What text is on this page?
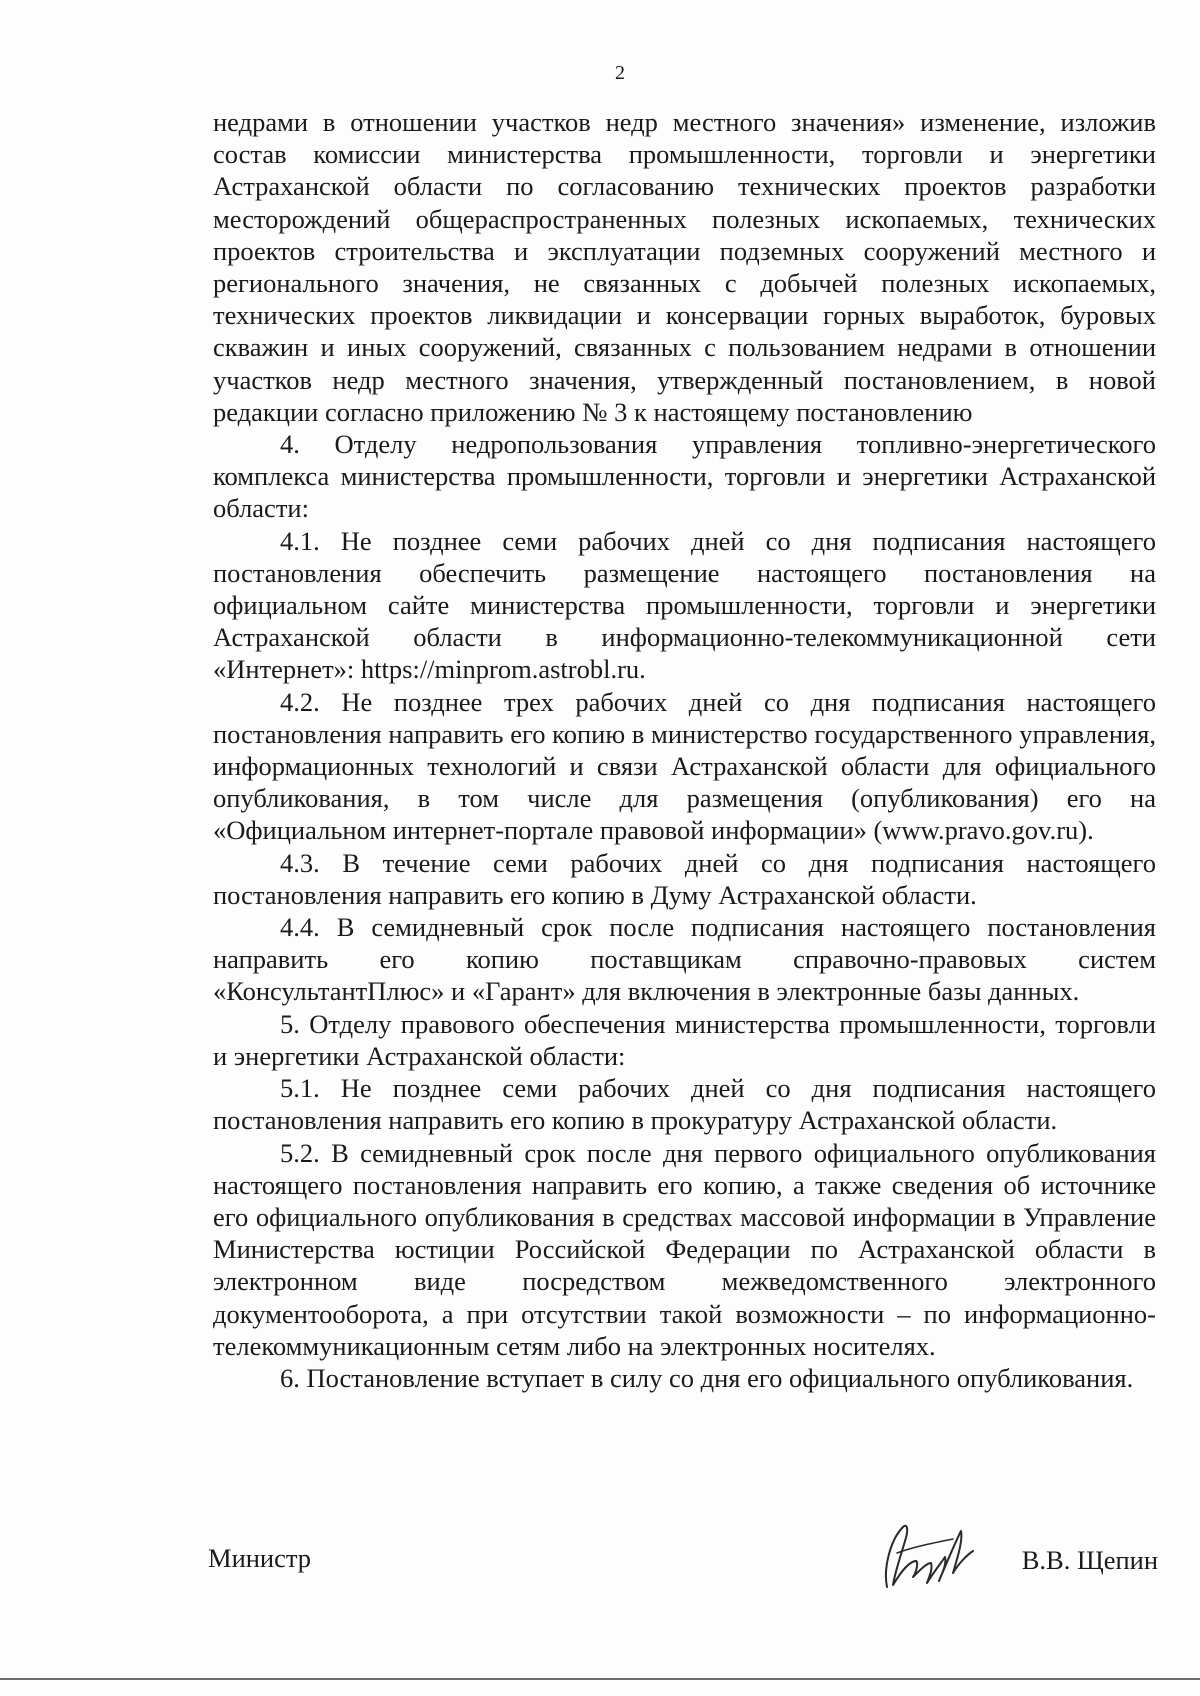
2

недрами в отношении участков недр местного значения» изменение, изложив состав комиссии министерства промышленности, торговли и энергетики Астраханской области по согласованию технических проектов разработки месторождений общераспространенных полезных ископаемых, технических проектов строительства и эксплуатации подземных сооружений местного и регионального значения, не связанных с добычей полезных ископаемых, технических проектов ликвидации и консервации горных выработок, буровых скважин и иных сооружений, связанных с пользованием недрами в отношении участков недр местного значения, утвержденный постановлением, в новой редакции согласно приложению № 3 к настоящему постановлению

4. Отделу недропользования управления топливно-энергетического комплекса министерства промышленности, торговли и энергетики Астраханской области:

4.1. Не позднее семи рабочих дней со дня подписания настоящего постановления обеспечить размещение настоящего постановления на официальном сайте министерства промышленности, торговли и энергетики Астраханской области в информационно-телекоммуникационной сети «Интернет»: https://minprom.astrobl.ru.

4.2. Не позднее трех рабочих дней со дня подписания настоящего постановления направить его копию в министерство государственного управления, информационных технологий и связи Астраханской области для официального опубликования, в том числе для размещения (опубликования) его на «Официальном интернет-портале правовой информации» (www.pravo.gov.ru).

4.3. В течение семи рабочих дней со дня подписания настоящего постановления направить его копию в Думу Астраханской области.

4.4. В семидневный срок после подписания настоящего постановления направить его копию поставщикам справочно-правовых систем «КонсультантПлюс» и «Гарант» для включения в электронные базы данных.

5. Отделу правового обеспечения министерства промышленности, торговли и энергетики Астраханской области:

5.1. Не позднее семи рабочих дней со дня подписания настоящего постановления направить его копию в прокуратуру Астраханской области.

5.2. В семидневный срок после дня первого официального опубликования настоящего постановления направить его копию, а также сведения об источнике его официального опубликования в средствах массовой информации в Управление Министерства юстиции Российской Федерации по Астраханской области в электронном виде посредством межведомственного электронного документооборота, а при отсутствии такой возможности – по информационно-телекоммуникационным сетям либо на электронных носителях.

6. Постановление вступает в силу со дня его официального опубликования.

Министр	В.В. Щепин
